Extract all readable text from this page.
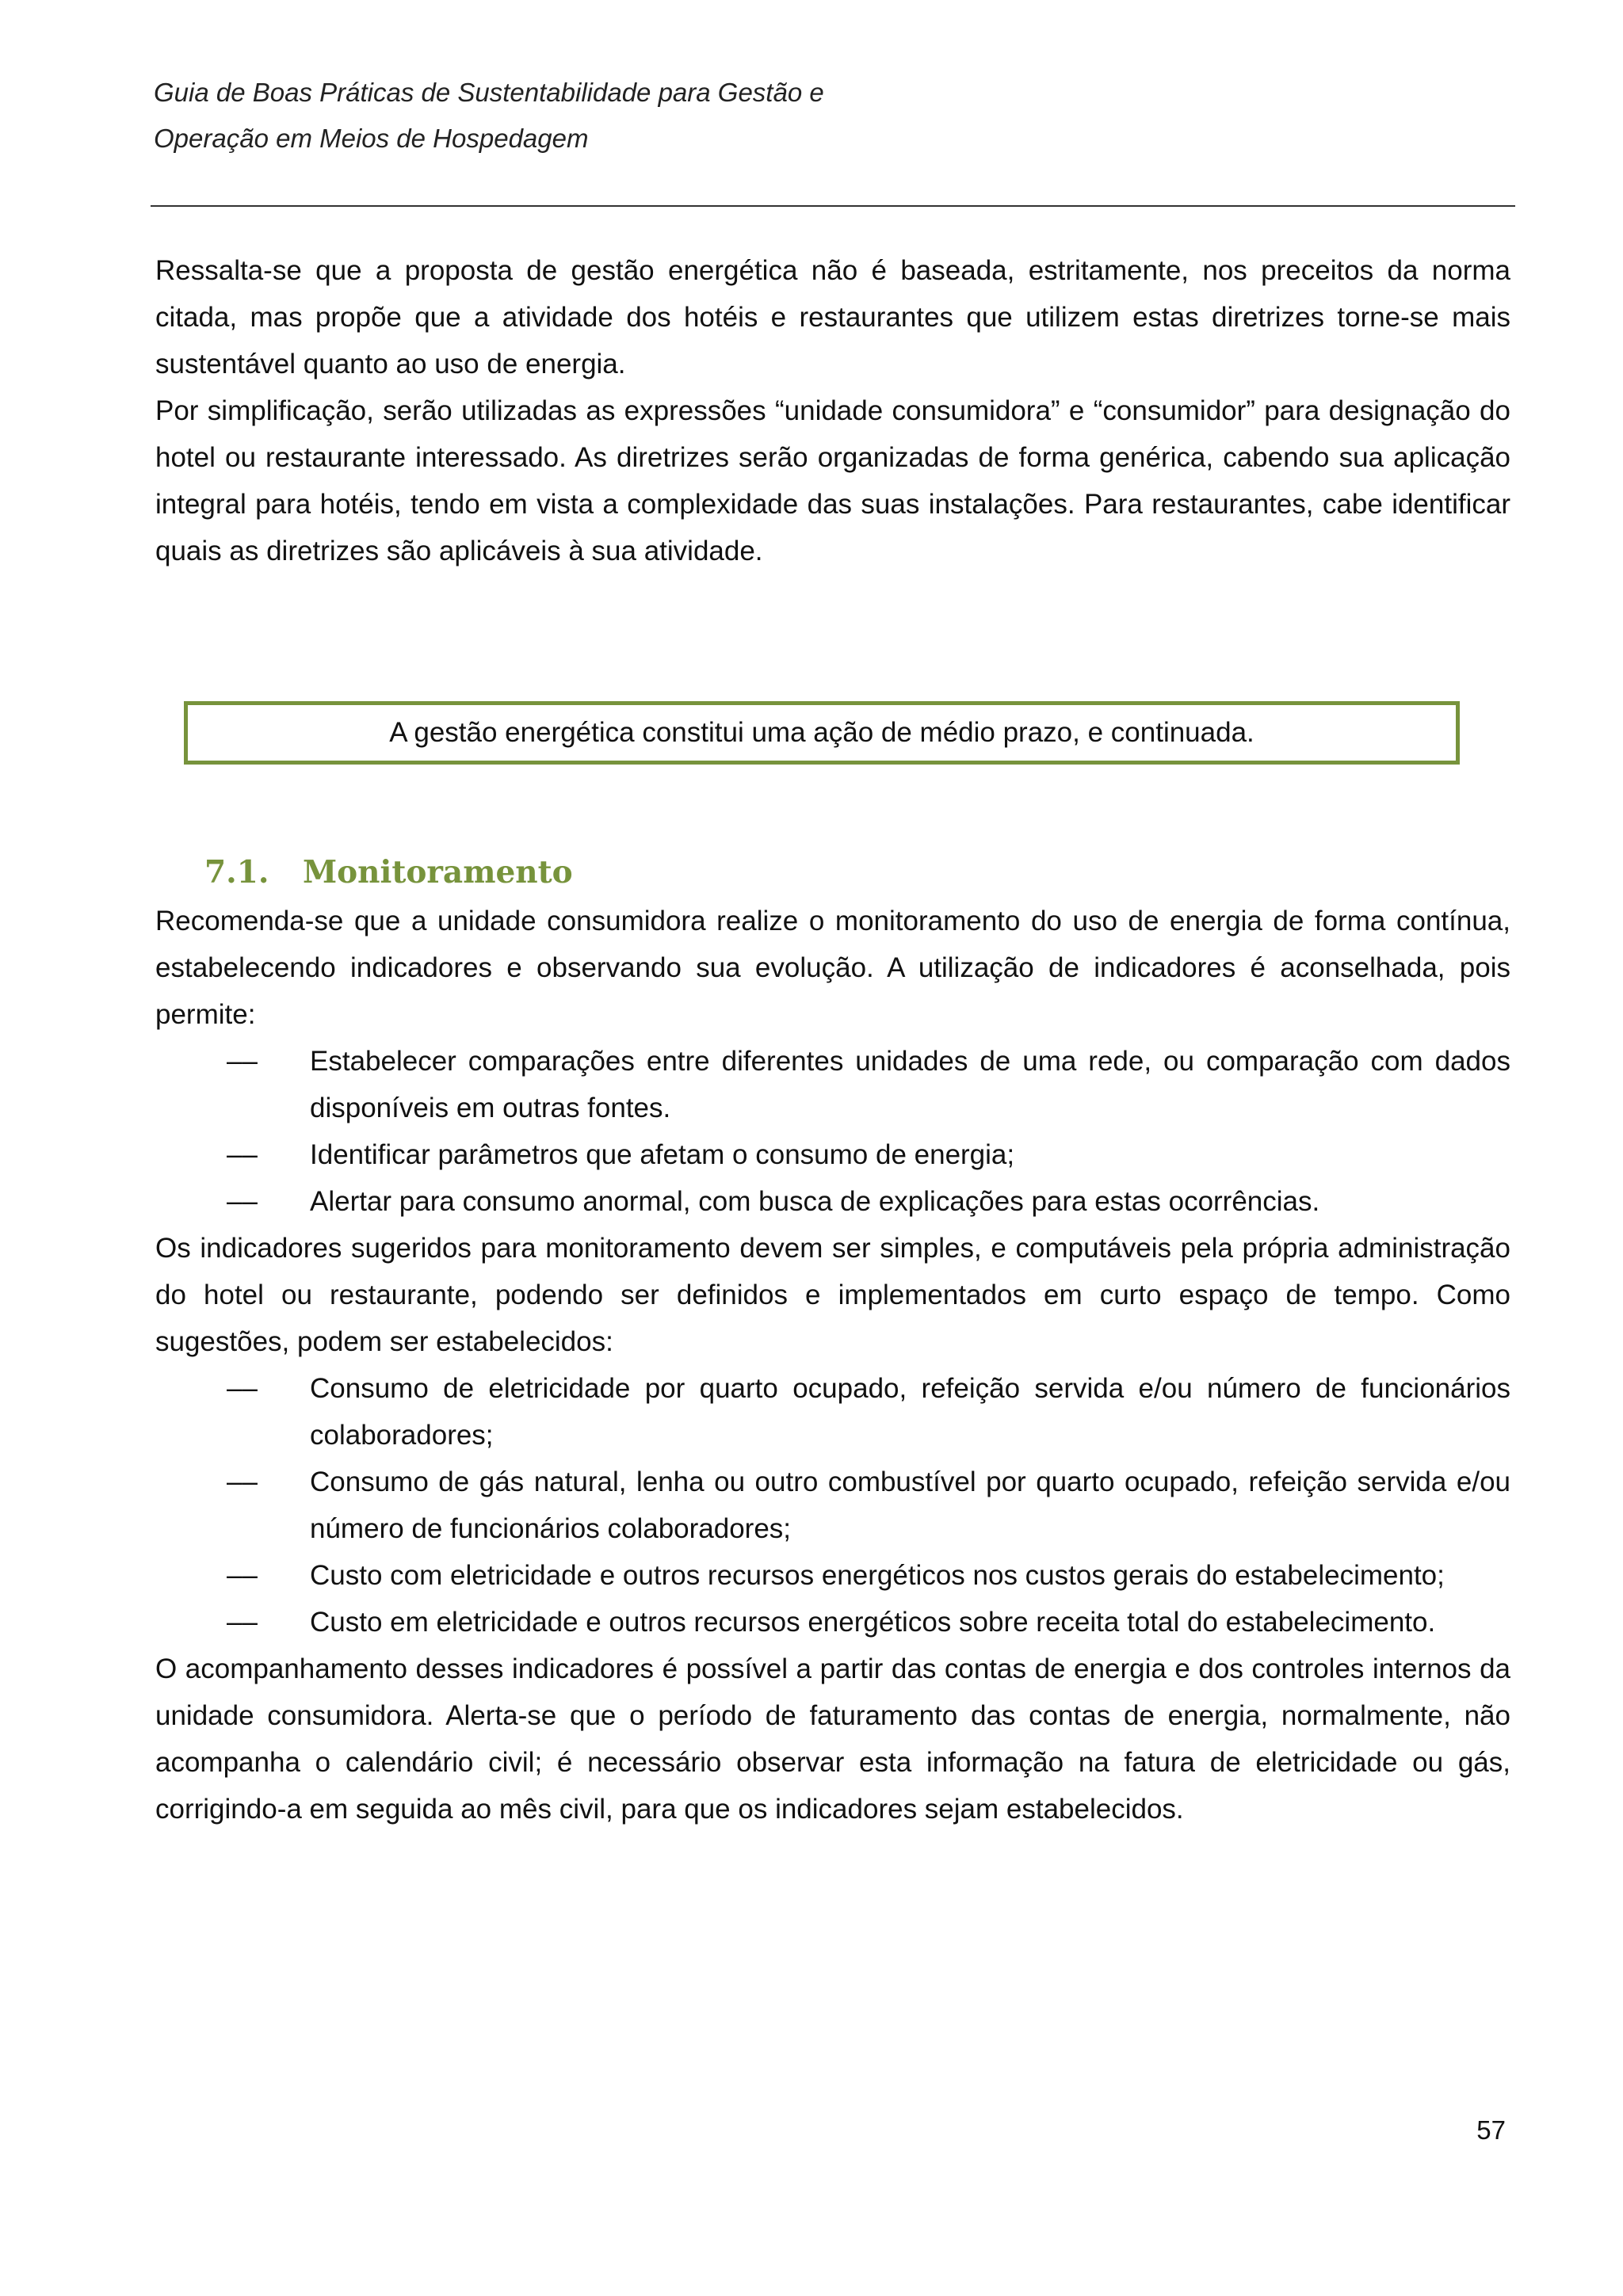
Guia de Boas Práticas de Sustentabilidade para Gestão e
Operação em Meios de Hospedagem

Ressalta-se que a proposta de gestão energética não é baseada, estritamente, nos preceitos da norma citada, mas propõe que a atividade dos hotéis e restaurantes que utilizem estas diretrizes torne-se mais sustentável quanto ao uso de energia.

Por simplificação, serão utilizadas as expressões “unidade consumidora” e “consumidor” para designação do hotel ou restaurante interessado. As diretrizes serão organizadas de forma genérica, cabendo sua aplicação integral para hotéis, tendo em vista a complexidade das suas instalações. Para restaurantes, cabe identificar quais as diretrizes são aplicáveis à sua atividade.

A gestão energética constitui uma ação de médio prazo, e continuada.
7.1. Monitoramento

Recomenda-se que a unidade consumidora realize o monitoramento do uso de energia de forma contínua, estabelecendo indicadores e observando sua evolução. A utilização de indicadores é aconselhada, pois permite:

–– Estabelecer comparações entre diferentes unidades de uma rede, ou comparação com dados disponíveis em outras fontes.
–– Identificar parâmetros que afetam o consumo de energia;
–– Alertar para consumo anormal, com busca de explicações para estas ocorrências.

Os indicadores sugeridos para monitoramento devem ser simples, e computáveis pela própria administração do hotel ou restaurante, podendo ser definidos e implementados em curto espaço de tempo. Como sugestões, podem ser estabelecidos:

–– Consumo de eletricidade por quarto ocupado, refeição servida e/ou número de funcionários colaboradores;
–– Consumo de gás natural, lenha ou outro combustível por quarto ocupado, refeição servida e/ou número de funcionários colaboradores;
–– Custo com eletricidade e outros recursos energéticos nos custos gerais do estabelecimento;
–– Custo em eletricidade e outros recursos energéticos sobre receita total do estabelecimento.

O acompanhamento desses indicadores é possível a partir das contas de energia e dos controles internos da unidade consumidora. Alerta-se que o período de faturamento das contas de energia, normalmente, não acompanha o calendário civil; é necessário observar esta informação na fatura de eletricidade ou gás, corrigindo-a em seguida ao mês civil, para que os indicadores sejam estabelecidos.

57
